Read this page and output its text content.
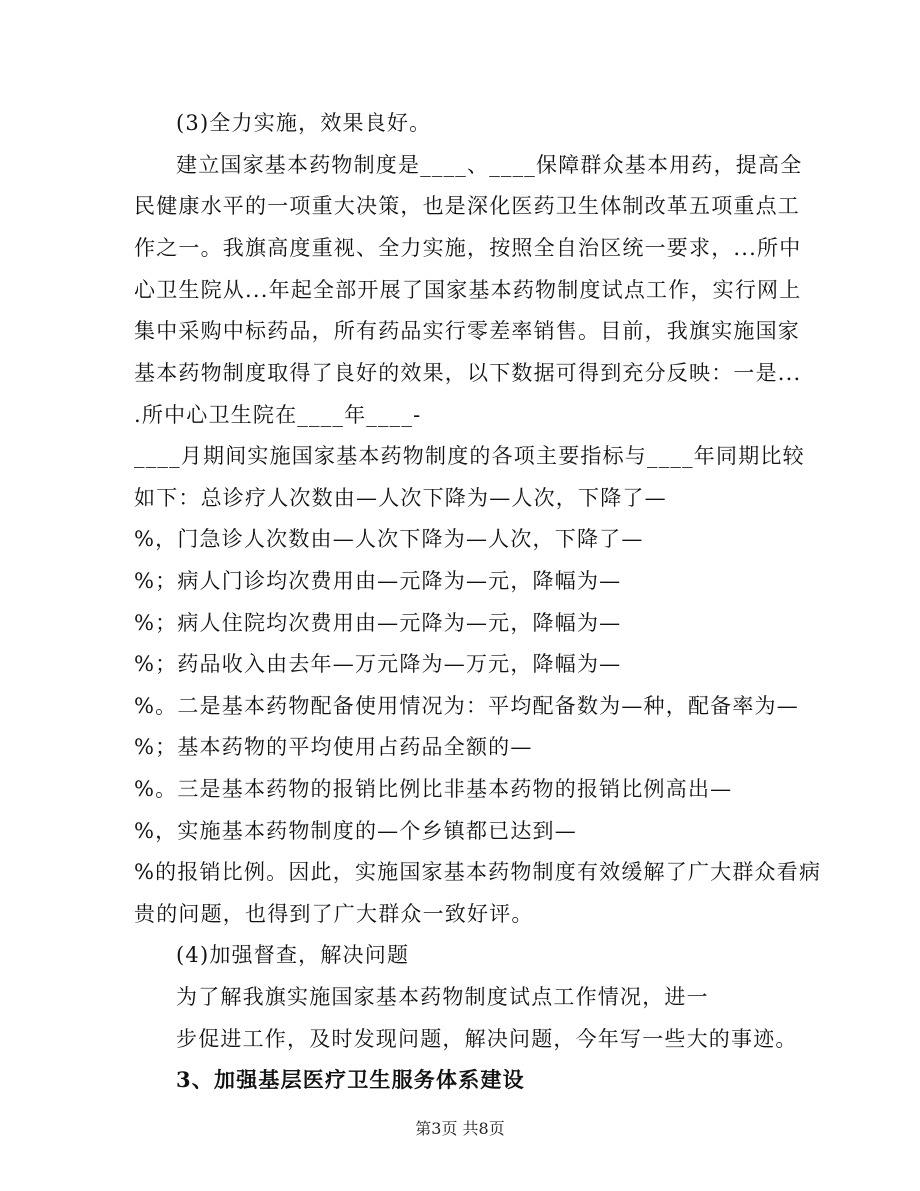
(3)全力实施，效果良好。
建立国家基本药物制度是____、____保障群众基本用药，提高全
民健康水平的一项重大决策，也是深化医药卫生体制改革五项重点工
作之一。我旗高度重视、全力实施，按照全自治区统一要求，...所中
心卫生院从...年起全部开展了国家基本药物制度试点工作，实行网上
集中采购中标药品，所有药品实行零差率销售。目前，我旗实施国家
基本药物制度取得了良好的效果，以下数据可得到充分反映：一是...
.所中心卫生院在____年____-
____月期间实施国家基本药物制度的各项主要指标与____年同期比较
如下：总诊疗人次数由—人次下降为—人次，下降了—
%，门急诊人次数由—人次下降为—人次，下降了—
%；病人门诊均次费用由—元降为—元，降幅为—
%；病人住院均次费用由—元降为—元，降幅为—
%；药品收入由去年—万元降为—万元，降幅为—
%。二是基本药物配备使用情况为：平均配备数为—种，配备率为—
%；基本药物的平均使用占药品全额的—
%。三是基本药物的报销比例比非基本药物的报销比例高出—
%，实施基本药物制度的—个乡镇都已达到—
%的报销比例。因此，实施国家基本药物制度有效缓解了广大群众看病
贵的问题，也得到了广大群众一致好评。
(4)加强督查，解决问题
为了解我旗实施国家基本药物制度试点工作情况，进一
步促进工作，及时发现问题，解决问题，今年写一些大的事迹。
3、加强基层医疗卫生服务体系建设
第3页 共8页
